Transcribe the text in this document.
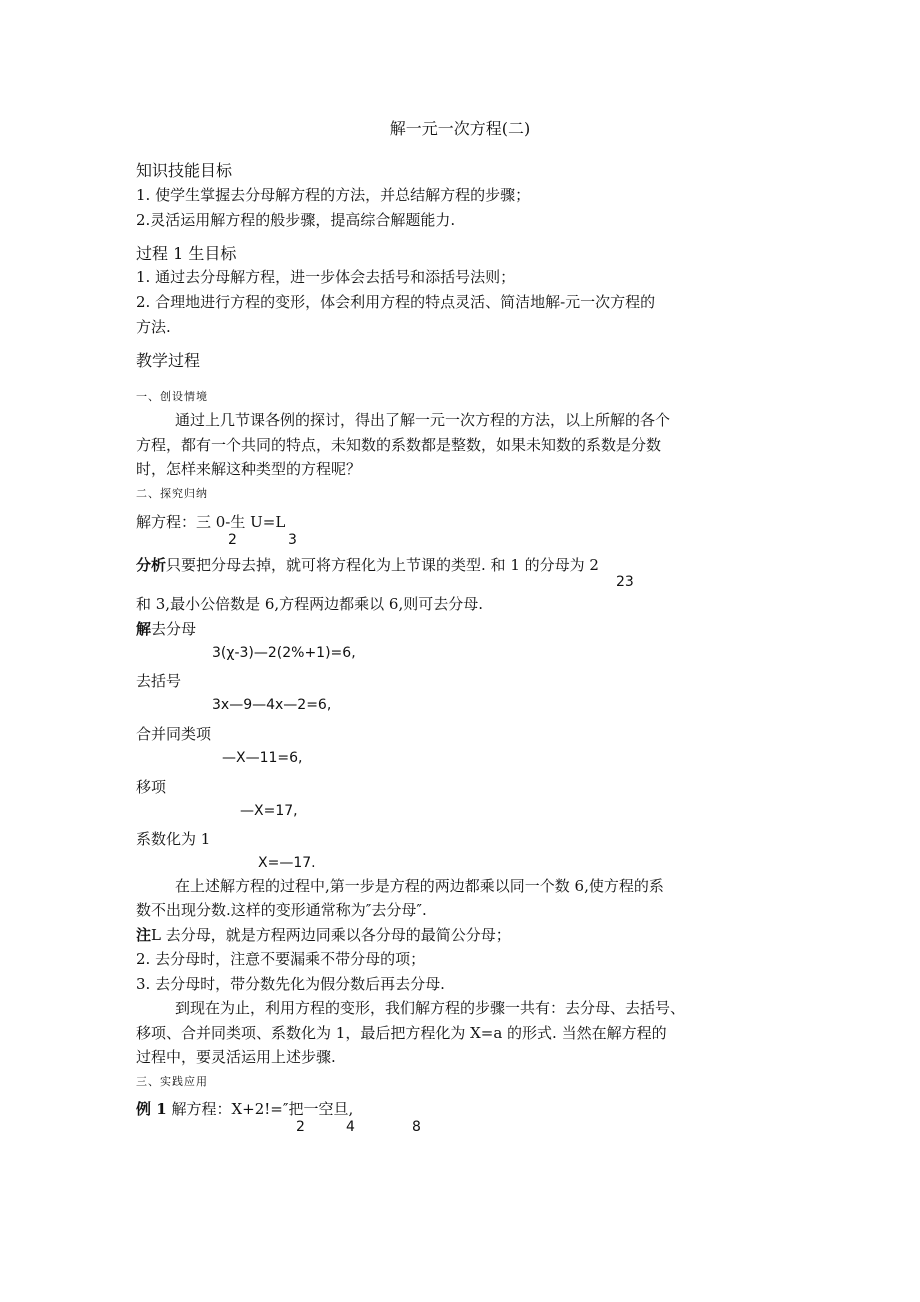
解一元一次方程(二)
知识技能目标
1. 使学生掌握去分母解方程的方法，并总结解方程的步骤；
2.灵活运用解方程的般步骤，提高综合解题能力.
过程 1 生目标
1. 通过去分母解方程，进一步体会去括号和添括号法则；
2. 合理地进行方程的变形，体会利用方程的特点灵活、简洁地解-元一次方程的
方法.
教学过程
一、创设情境
通过上几节课各例的探讨，得出了解一元一次方程的方法，以上所解的各个
方程，都有一个共同的特点，未知数的系数都是整数，如果未知数的系数是分数
时，怎样来解这种类型的方程呢？
二、探究归纳
解方程：三 0-生 U=L
2	3
分析只要把分母去掉，就可将方程化为上节课的类型. 和 1 的分母为 2
23
和 3,最小公倍数是 6,方程两边都乘以 6,则可去分母.
解去分母
3(χ-3)—2(2%+1)=6,
去括号
3x—9—4x—2=6,
合并同类项
—X—11=6,
移项
—X=17,
系数化为 1
X=—17.
在上述解方程的过程中,第一步是方程的两边都乘以同一个数 6,使方程的系
数不出现分数.这样的变形通常称为″去分母″.
注L 去分母，就是方程两边同乘以各分母的最简公分母；
2. 去分母时，注意不要漏乘不带分母的项；
3. 去分母时，带分数先化为假分数后再去分母.
到现在为止，利用方程的变形，我们解方程的步骤一共有：去分母、去括号、
移项、合并同类项、系数化为 1，最后把方程化为 X=a 的形式. 当然在解方程的
过程中，要灵活运用上述步骤.
三、实践应用
例 1 解方程：X+2!=″把一空旦,
2	4	8
